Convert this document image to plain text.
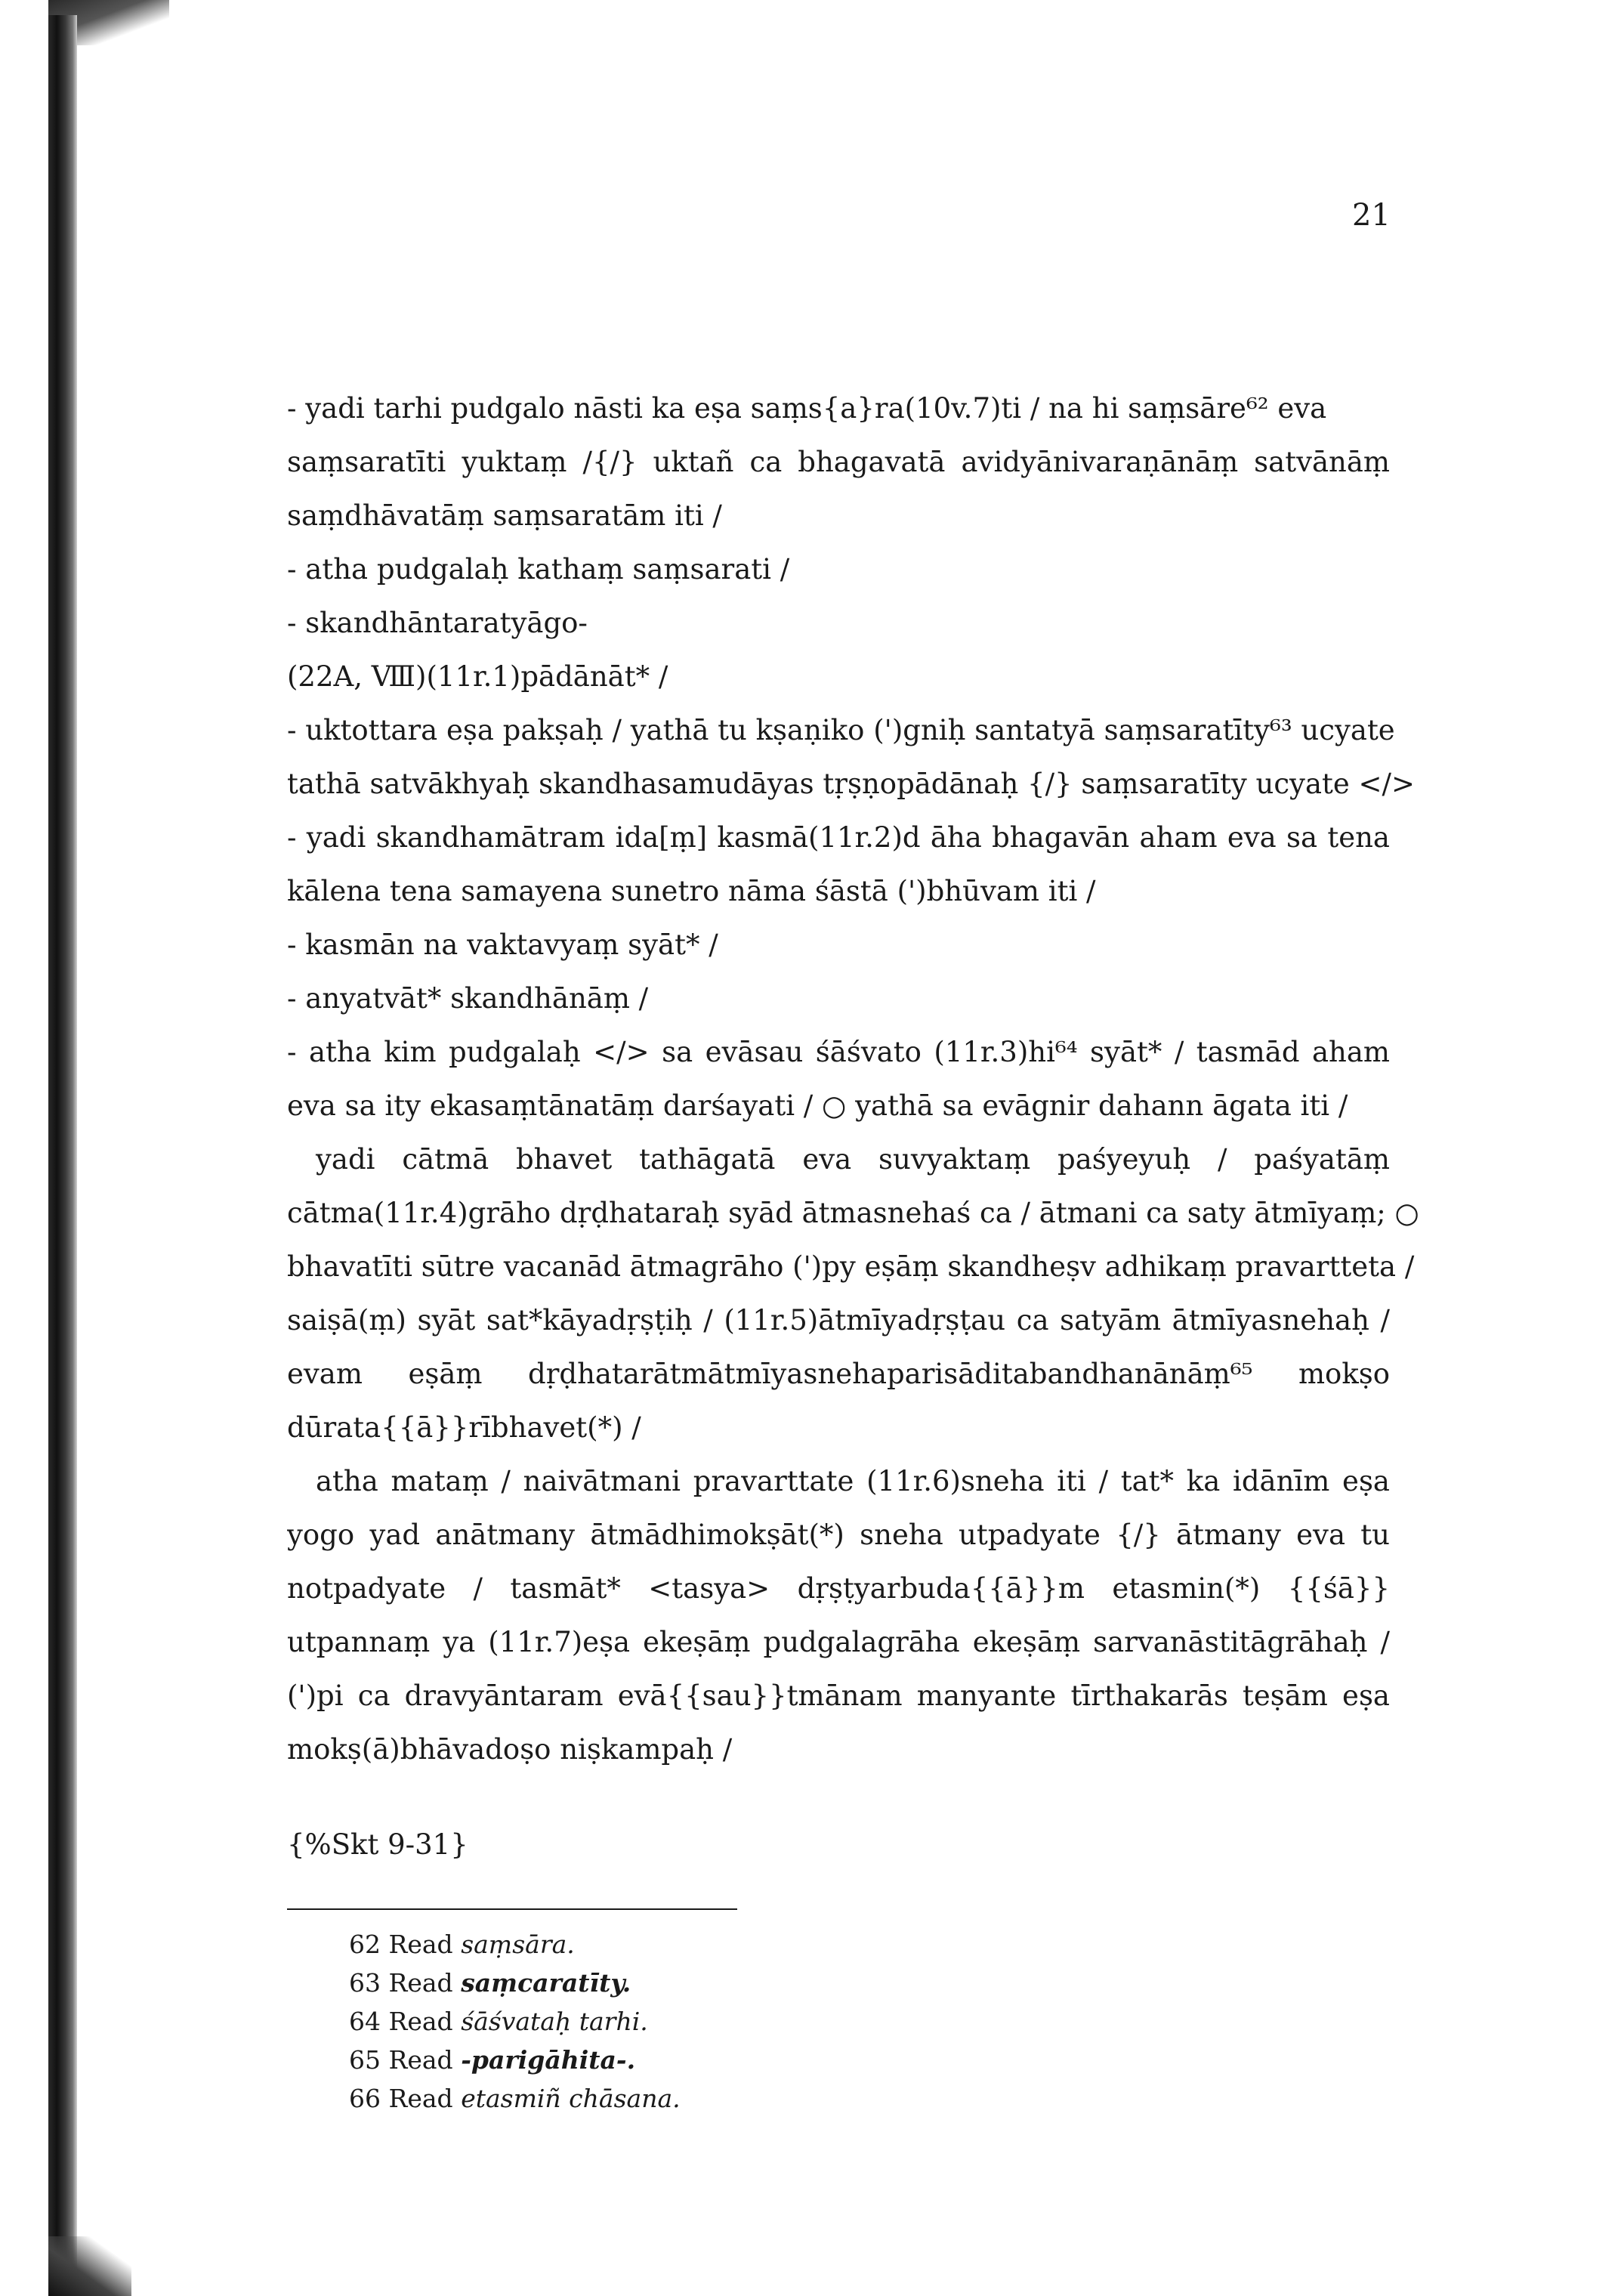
21
- yadi tarhi pudgalo nāsti ka eṣa saṃs{a}ra(10v.7)ti / na hi saṃsāre⁶² eva
saṃsaratīti yuktaṃ /{/} uktañ ca bhagavatā avidyānivaraṇānāṃ satvānāṃ
saṃdhāvatāṃ saṃsaratām iti /
- atha pudgalaḥ kathaṃ saṃsarati /
- skandhāntaratyāgo-
(22A, Ⅷ)(11r.1)pādānāt* /
- uktottara eṣa pakṣaḥ / yathā tu kṣaṇiko (')gniḥ santatyā saṃsaratīty⁶³ ucyate
tathā satvākhyaḥ skandhasamudāyas tṛṣṇopādānaḥ {/} saṃsaratīty ucyate </>
- yadi skandhamātram ida[ṃ] kasmā(11r.2)d āha bhagavān aham eva sa tena
kālena tena samayena sunetro nāma śāstā (')bhūvam iti /
- kasmān na vaktavyaṃ syāt* /
- anyatvāt* skandhānāṃ /
- atha kim pudgalaḥ </> sa evāsau śāśvato (11r.3)hi⁶⁴ syāt* / tasmād aham
eva sa ity ekasaṃtānatāṃ darśayati / ○ yathā sa evāgnir dahann āgata iti /
yadi cātmā bhavet tathāgatā eva suvyaktaṃ paśyeyuḥ / paśyatāṃ
cātma(11r.4)grāho dṛḍhataraḥ syād ātmasnehaś ca / ātmani ca saty ātmīyaṃ; ○
bhavatīti sūtre vacanād ātmagrāho (')py eṣāṃ skandheṣv adhikaṃ pravartteta /
saiṣā(ṃ) syāt sat*kāyadṛṣṭiḥ / (11r.5)ātmīyadṛṣṭau ca satyām ātmīyasnehaḥ /
evam eṣāṃ dṛḍhatarātmātmīyasnehaparisāditabandhanānāṃ⁶⁵ mokṣo
dūrata{{ā}}rībhavet(*) /
atha mataṃ / naivātmani pravarttate (11r.6)sneha iti / tat* ka idānīm eṣa
yogo yad anātmany ātmādhimokṣāt(*) sneha utpadyate {/} ātmany eva tu
notpadyate / tasmāt* <tasya> dṛṣṭyarbuda{{ā}}m etasmin(*) {{śā}}
utpannaṃ ya (11r.7)eṣa ekeṣāṃ pudgalagrāha ekeṣāṃ sarvanāstitāgrāhaḥ /
(')pi ca dravyāntaram evā{{sau}}tmānam manyante tīrthakarās teṣām eṣa
mokṣ(ā)bhāvadoṣo niṣkampaḥ /
{%Skt 9-31}
62 Read saṃsāra.
63 Read saṃcaratīty.
64 Read śāśvataḥ tarhi.
65 Read -parigāhita-.
66 Read etasmiñ chāsana.
